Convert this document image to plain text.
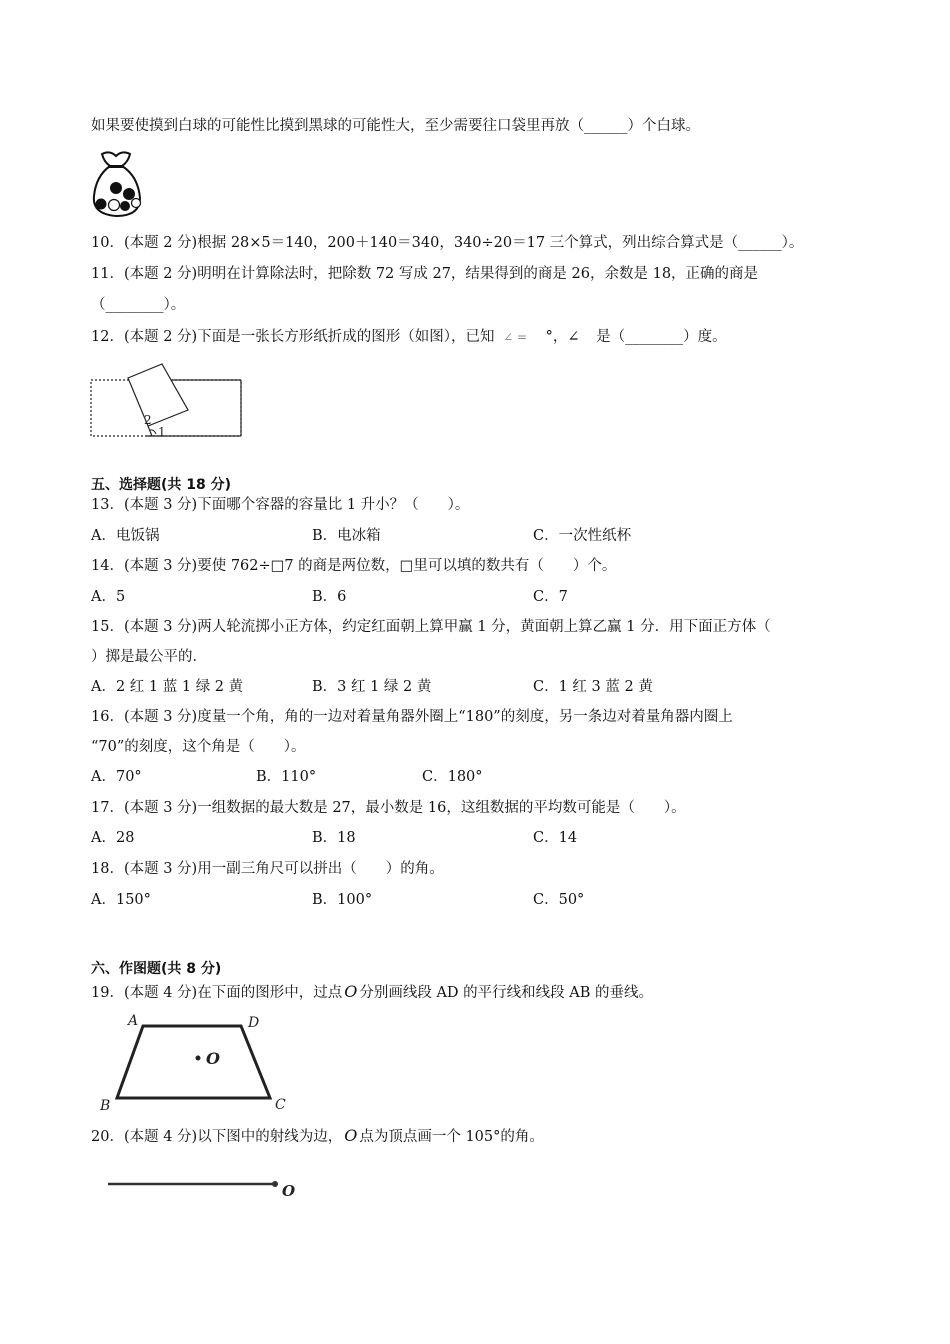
如果要使摸到白球的可能性比摸到黑球的可能性大，至少需要往口袋里再放（______）个白球。
10．(本题 2 分)根据 28×5＝140，200＋140＝340，340÷20＝17 三个算式，列出综合算式是（______）。
11．(本题 2 分)明明在计算除法时，把除数 72 写成 27，结果得到的商是 26，余数是 18，正确的商是
（________）。
12．(本题 2 分)下面是一张长方形纸折成的图形（如图），已知 ∠ = °，∠ 是（________）度。
2
1
五、选择题(共 18 分)
13．(本题 3 分)下面哪个容器的容量比 1 升小？（　　）。
A．电饭锅	B．电冰箱	C．一次性纸杯
14．(本题 3 分)要使 762÷□7 的商是两位数，□里可以填的数共有（　　）个。
A．5	B．6	C．7
15．(本题 3 分)两人轮流掷小正方体，约定红面朝上算甲赢 1 分，黄面朝上算乙赢 1 分．用下面正方体（
）掷是最公平的．
A．2 红 1 蓝 1 绿 2 黄	B．3 红 1 绿 2 黄	C．1 红 3 蓝 2 黄
16．(本题 3 分)度量一个角，角的一边对着量角器外圈上“180”的刻度，另一条边对着量角器内圈上
“70”的刻度，这个角是（　　）。
A．70°	B．110°	C．180°
17．(本题 3 分)一组数据的最大数是 27，最小数是 16，这组数据的平均数可能是（　　）。
A．28	B．18	C．14
18．(本题 3 分)用一副三角尺可以拼出（　　）的角。
A．150°	B．100°	C．50°
六、作图题(共 8 分)
19．(本题 4 分)在下面的图形中，过点 O 分别画线段 AD 的平行线和线段 AB 的垂线。
A	D
B	C
O
20．(本题 4 分)以下图中的射线为边， O 点为顶点画一个 105°的角。
O
